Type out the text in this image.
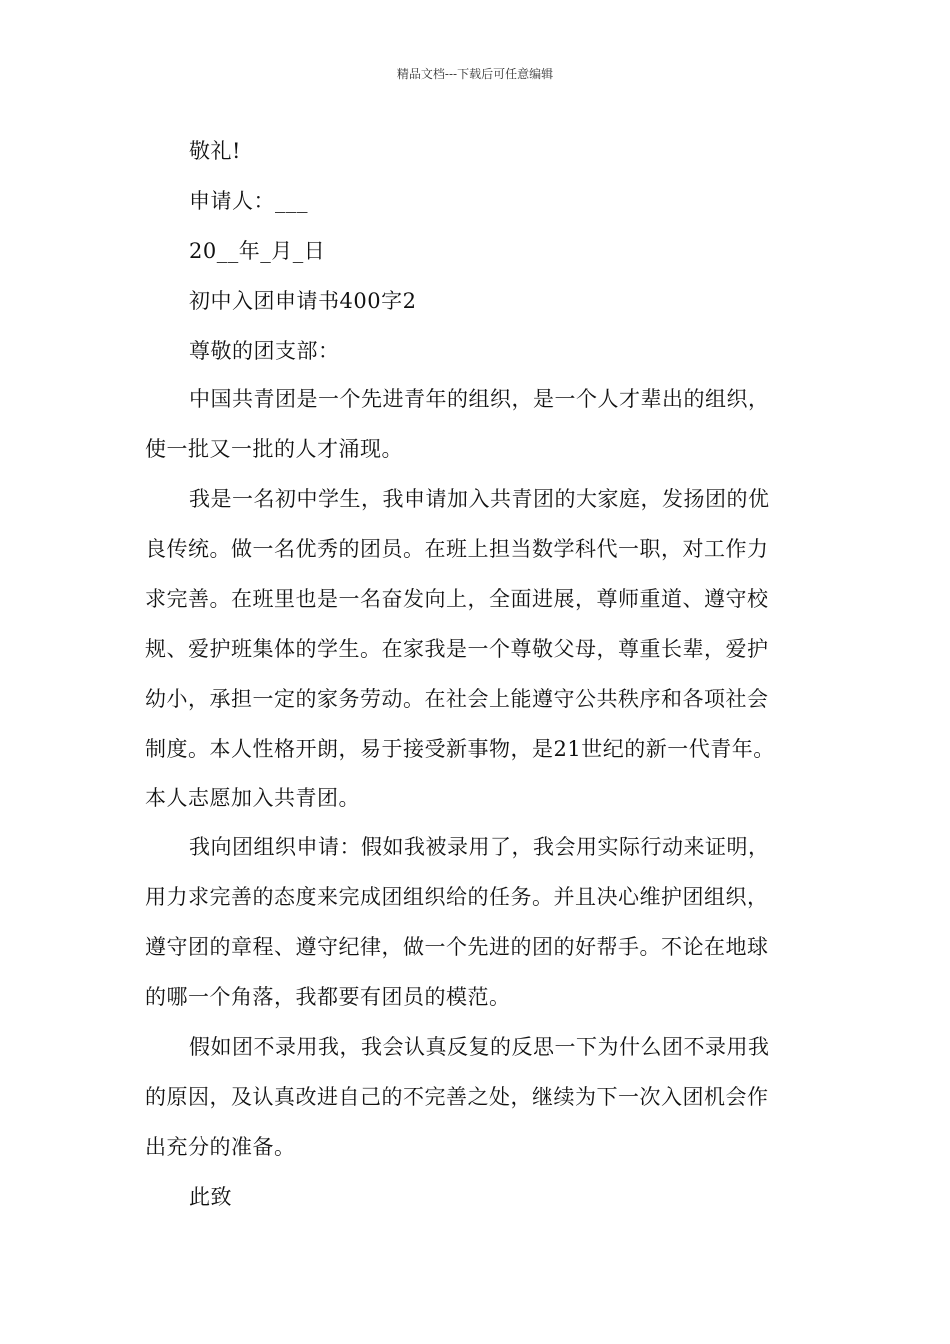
精品文档---下载后可任意编辑
敬礼!
申请人：___
20__年_月_日
初中入团申请书400字2
尊敬的团支部：
中国共青团是一个先进青年的组织，是一个人才辈出的组织，
使一批又一批的人才涌现。
我是一名初中学生，我申请加入共青团的大家庭，发扬团的优
良传统。做一名优秀的团员。在班上担当数学科代一职，对工作力
求完善。在班里也是一名奋发向上，全面进展，尊师重道、遵守校
规、爱护班集体的学生。在家我是一个尊敬父母，尊重长辈，爱护
幼小，承担一定的家务劳动。在社会上能遵守公共秩序和各项社会
制度。本人性格开朗，易于接受新事物，是21世纪的新一代青年。
本人志愿加入共青团。
我向团组织申请：假如我被录用了，我会用实际行动来证明，
用力求完善的态度来完成团组织给的任务。并且决心维护团组织，
遵守团的章程、遵守纪律，做一个先进的团的好帮手。不论在地球
的哪一个角落，我都要有团员的模范。
假如团不录用我，我会认真反复的反思一下为什么团不录用我
的原因，及认真改进自己的不完善之处，继续为下一次入团机会作
出充分的准备。
此致
